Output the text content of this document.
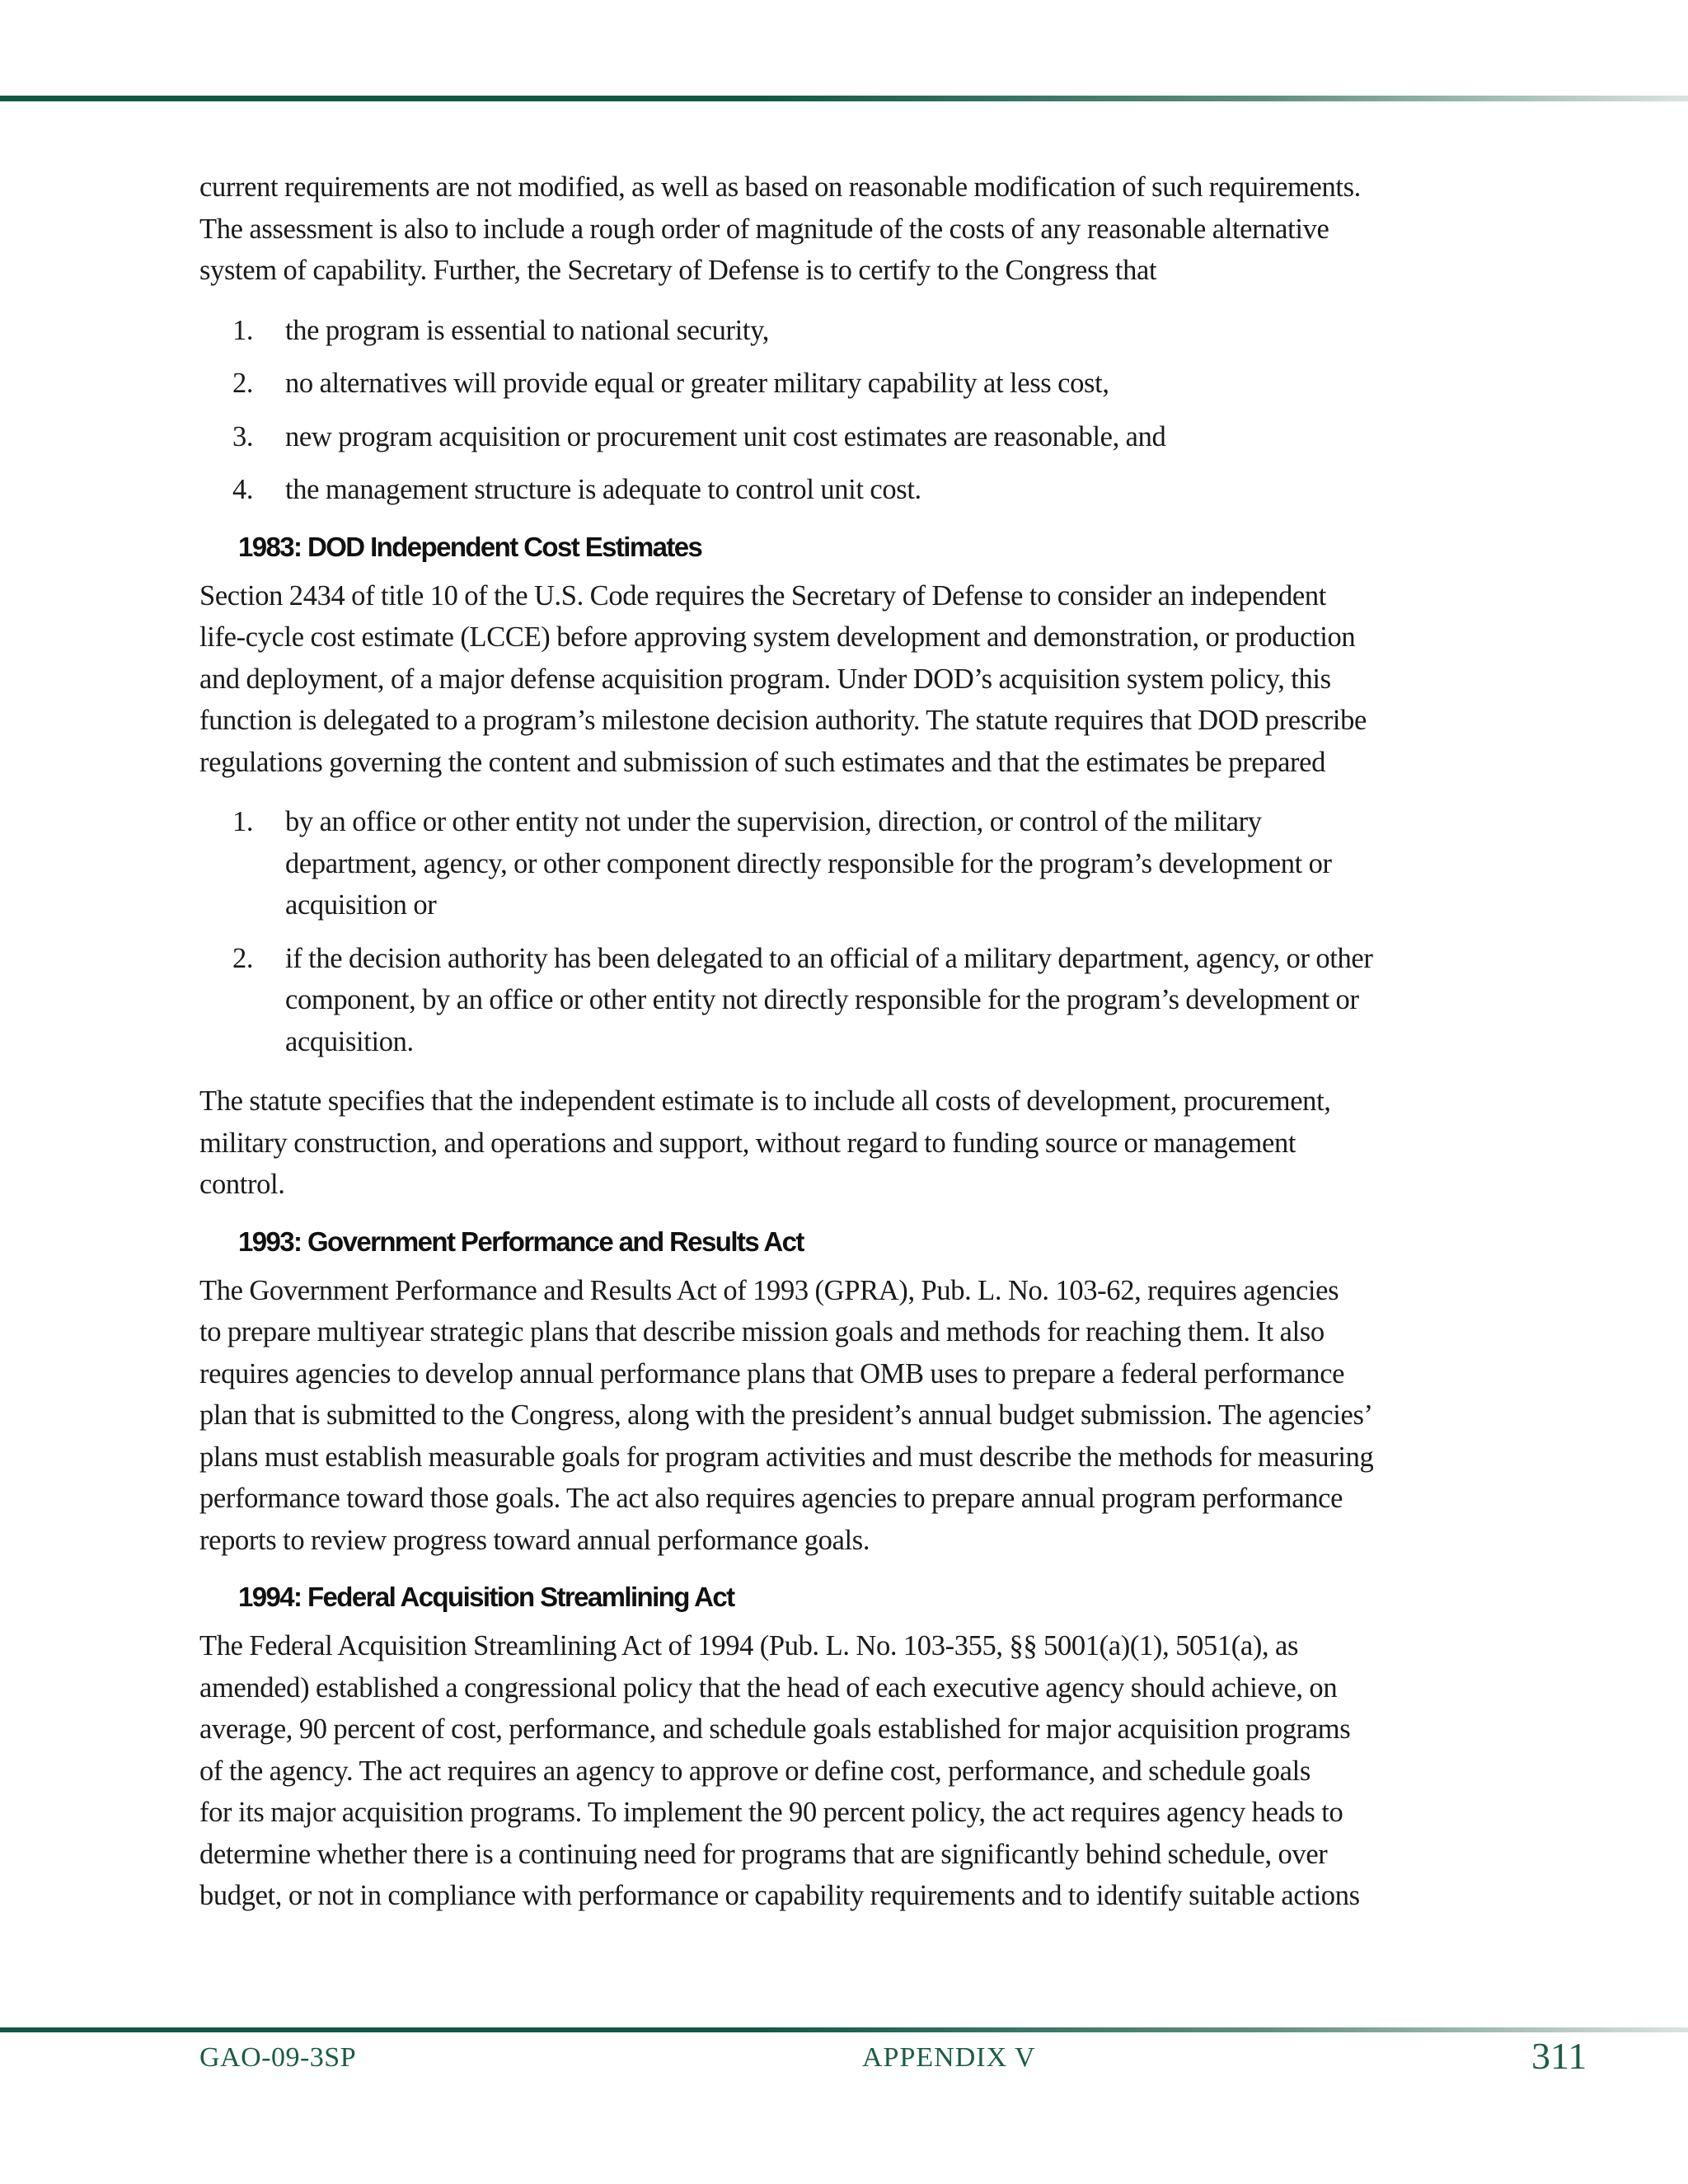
current requirements are not modified, as well as based on reasonable modification of such requirements.
The assessment is also to include a rough order of magnitude of the costs of any reasonable alternative
system of capability. Further, the Secretary of Defense is to certify to the Congress that

1. the program is essential to national security,
2. no alternatives will provide equal or greater military capability at less cost,
3. new program acquisition or procurement unit cost estimates are reasonable, and
4. the management structure is adequate to control unit cost.
1983: DOD Independent Cost Estimates

Section 2434 of title 10 of the U.S. Code requires the Secretary of Defense to consider an independent
life-cycle cost estimate (LCCE) before approving system development and demonstration, or production
and deployment, of a major defense acquisition program. Under DOD’s acquisition system policy, this
function is delegated to a program’s milestone decision authority. The statute requires that DOD prescribe
regulations governing the content and submission of such estimates and that the estimates be prepared

1. by an office or other entity not under the supervision, direction, or control of the military
department, agency, or other component directly responsible for the program’s development or
acquisition or
2. if the decision authority has been delegated to an official of a military department, agency, or other
component, by an office or other entity not directly responsible for the program’s development or
acquisition.

The statute specifies that the independent estimate is to include all costs of development, procurement,
military construction, and operations and support, without regard to funding source or management
control.

1993: Government Performance and Results Act

The Government Performance and Results Act of 1993 (GPRA), Pub. L. No. 103-62, requires agencies
to prepare multiyear strategic plans that describe mission goals and methods for reaching them. It also
requires agencies to develop annual performance plans that OMB uses to prepare a federal performance
plan that is submitted to the Congress, along with the president’s annual budget submission. The agencies’
plans must establish measurable goals for program activities and must describe the methods for measuring
performance toward those goals. The act also requires agencies to prepare annual program performance
reports to review progress toward annual performance goals.

1994: Federal Acquisition Streamlining Act

The Federal Acquisition Streamlining Act of 1994 (Pub. L. No. 103-355, §§ 5001(a)(1), 5051(a), as
amended) established a congressional policy that the head of each executive agency should achieve, on
average, 90 percent of cost, performance, and schedule goals established for major acquisition programs
of the agency. The act requires an agency to approve or define cost, performance, and schedule goals
for its major acquisition programs. To implement the 90 percent policy, the act requires agency heads to
determine whether there is a continuing need for programs that are significantly behind schedule, over
budget, or not in compliance with performance or capability requirements and to identify suitable actions

GAO-09-3SP	APPENDIX V	311
